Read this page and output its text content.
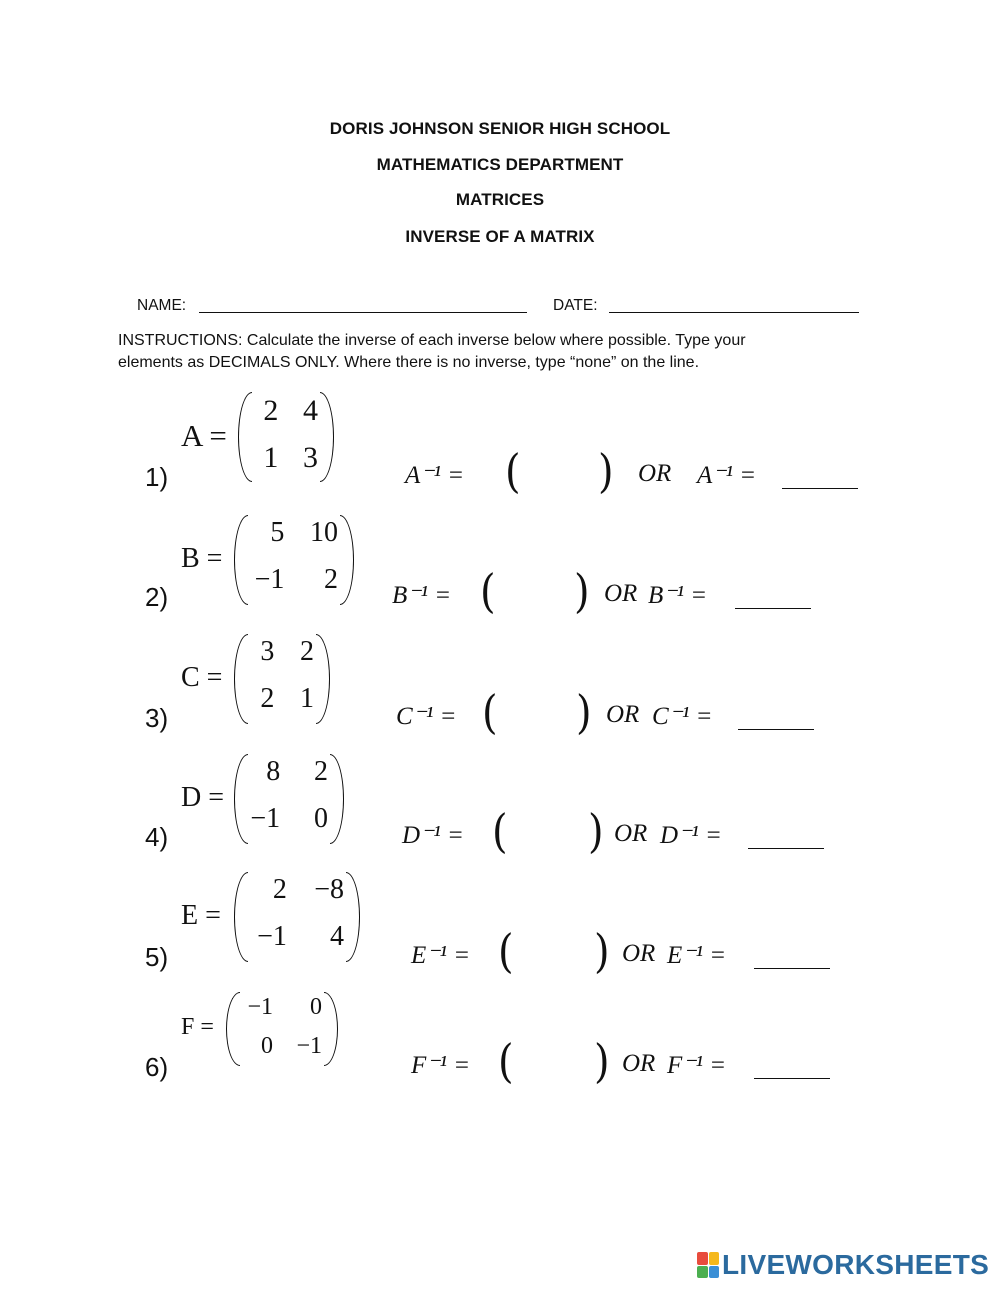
DORIS JOHNSON SENIOR HIGH SCHOOL
MATHEMATICS DEPARTMENT
MATRICES
INVERSE OF A MATRIX
NAME:	DATE:
INSTRUCTIONS: Calculate the inverse of each inverse below where possible. Type your
elements as DECIMALS ONLY. Where there is no inverse, type “none” on the line.
1)
A =
2 4
1 3
A⁻¹ = ( ) OR A⁻¹ =
2)
B =
5 10
−1	2
B⁻¹ = ( ) OR B⁻¹ =
3)
C =
3 2
2 1
C⁻¹ = ( ) OR C⁻¹ =
4)
D =
8	2
−1	0
D⁻¹ = ( ) OR D⁻¹ =
5)
E =
2 −8
−1	4
E⁻¹ = ( ) OR E⁻¹ =
6)
F =
−1	0
0 −1
F⁻¹ = ( ) OR F⁻¹ =
LIVEWORKSHEETS
